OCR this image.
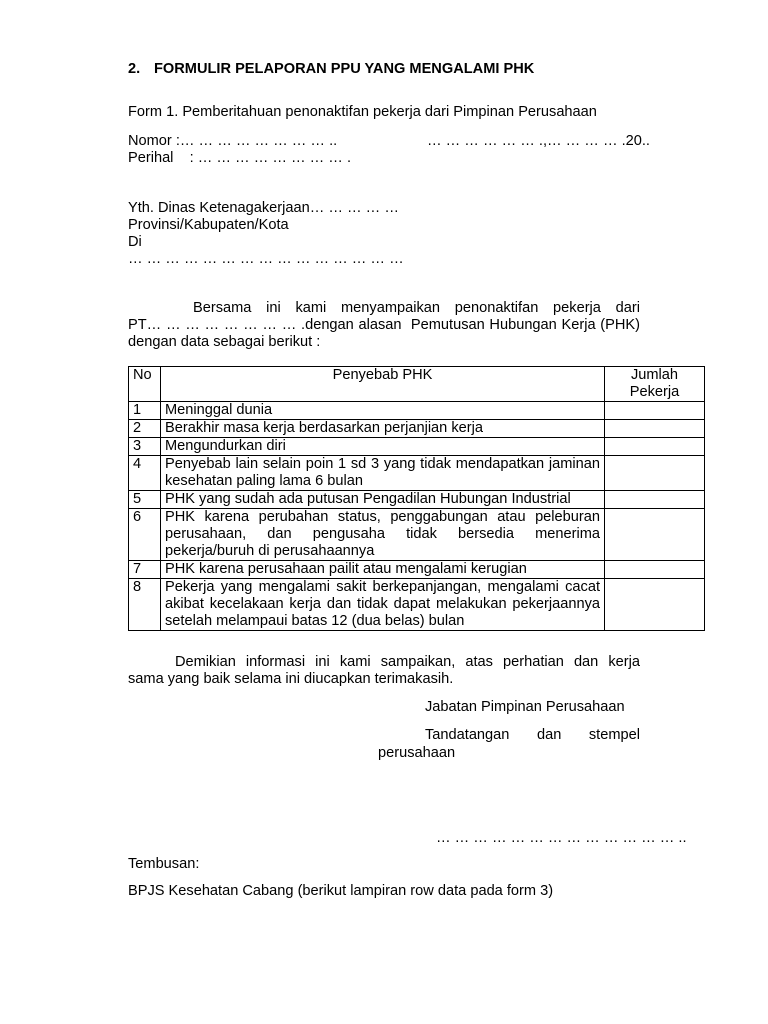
2. FORMULIR PELAPORAN PPU YANG MENGALAMI PHK
Form 1. Pemberitahuan penonaktifan pekerja dari Pimpinan Perusahaan
Nomor :… … … … … … … … ..	… … … … … … .,… … … … .20..
Perihal    : … … … … … … … … .
Yth. Dinas Ketenagakerjaan… … … … …
Provinsi/Kabupaten/Kota
Di
… … … … … … … … … … … … … … …
Bersama ini kami menyampaikan penonaktifan pekerja dari
PT… … … … … … … … .dengan alasan  Pemutusan Hubungan Kerja (PHK)
dengan data sebagai berikut :
No	Penyebab PHK	Jumlah
Pekerja
1	Meninggal dunia	
2	Berakhir masa kerja berdasarkan perjanjian kerja	
3	Mengundurkan diri	
4	Penyebab lain selain poin 1 sd 3 yang tidak mendapatkan jaminan kesehatan paling lama 6 bulan	
5	PHK yang sudah ada putusan Pengadilan Hubungan Industrial	
6	PHK karena perubahan status, penggabungan atau peleburan perusahaan, dan pengusaha tidak bersedia menerima pekerja/buruh di perusahaannya	
7	PHK karena perusahaan pailit atau mengalami kerugian	
8	Pekerja yang mengalami sakit berkepanjangan, mengalami cacat akibat kecelakaan kerja dan tidak dapat melakukan pekerjaannya setelah melampaui batas 12 (dua belas) bulan	
Demikian informasi ini kami sampaikan, atas perhatian dan kerja
sama yang baik selama ini diucapkan terimakasih.
Jabatan Pimpinan Perusahaan
Tandatangan   dan   stempel
perusahaan
… … … … … … … … … … … … … ..
Tembusan:
BPJS Kesehatan Cabang (berikut lampiran row data pada form 3)
